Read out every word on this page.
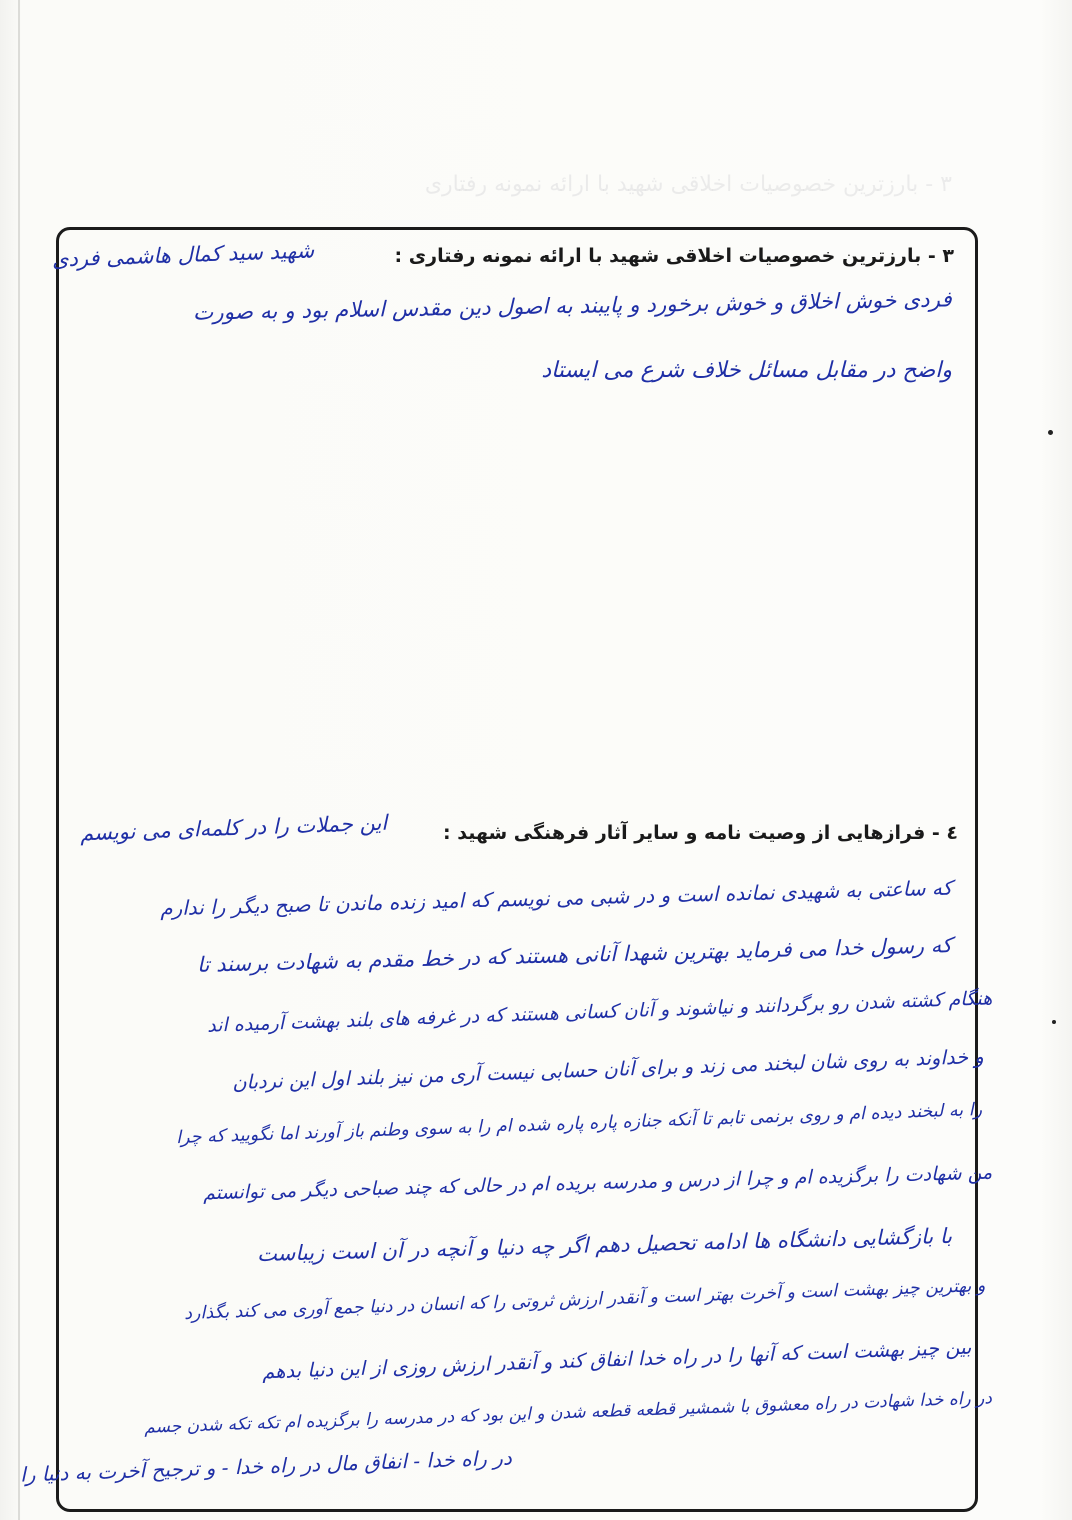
٣ - بارزترین خصوصیات اخلاقی شهید با ارائه نمونه رفتاری
٣ - بارزترین خصوصیات اخلاقی شهید با ارائه نمونه رفتاری :
شهید سید کمال هاشمی فردی
فردی خوش اخلاق و خوش برخورد و پایبند به اصول دین مقدس اسلام بود و به صورت
واضح در مقابل مسائل خلاف شرع می ایستاد
٤ - فرازهایی از وصیت نامه و سایر آثار فرهنگی شهید :
این جملات را در کلمه‌ای می نویسم
که ساعتی به شهیدی نمانده است و در شبی می نویسم که امید زنده ماندن تا صبح دیگر را ندارم
که رسول خدا می فرماید بهترین شهدا آنانی هستند که در خط مقدم به شهادت برسند تا
هنگام کشته شدن رو برگردانند و نیاشوند و آنان کسانی هستند که در غرفه های بلند بهشت آرمیده اند
و خداوند به روی شان لبخند می زند و برای آنان حسابی نیست آری من نیز بلند اول این نردبان
را به لبخند دیده ام و روی برنمی تابم تا آنکه جنازه پاره پاره شده ام را به سوی وطنم باز آورند اما نگویید که چرا
من شهادت را برگزیده ام و چرا از درس و مدرسه بریده ام در حالی که چند صباحی دیگر می توانستم
با بازگشایی دانشگاه ها ادامه تحصیل دهم اگر چه دنیا و آنچه در آن است زیباست
و بهترین چیز بهشت است و آخرت بهتر است و آنقدر ارزش ثروتی را که انسان در دنیا جمع آوری می کند بگذارد
بین چیز بهشت است که آنها را در راه خدا انفاق کند و آنقدر ارزش روزی از این دنیا بدهم
در راه خدا شهادت در راه معشوق با شمشیر قطعه قطعه شدن و این بود که در مدرسه را برگزیده ام تکه تکه شدن جسم
در راه خدا - انفاق مال در راه خدا - و ترجیح آخرت به دنیا را
